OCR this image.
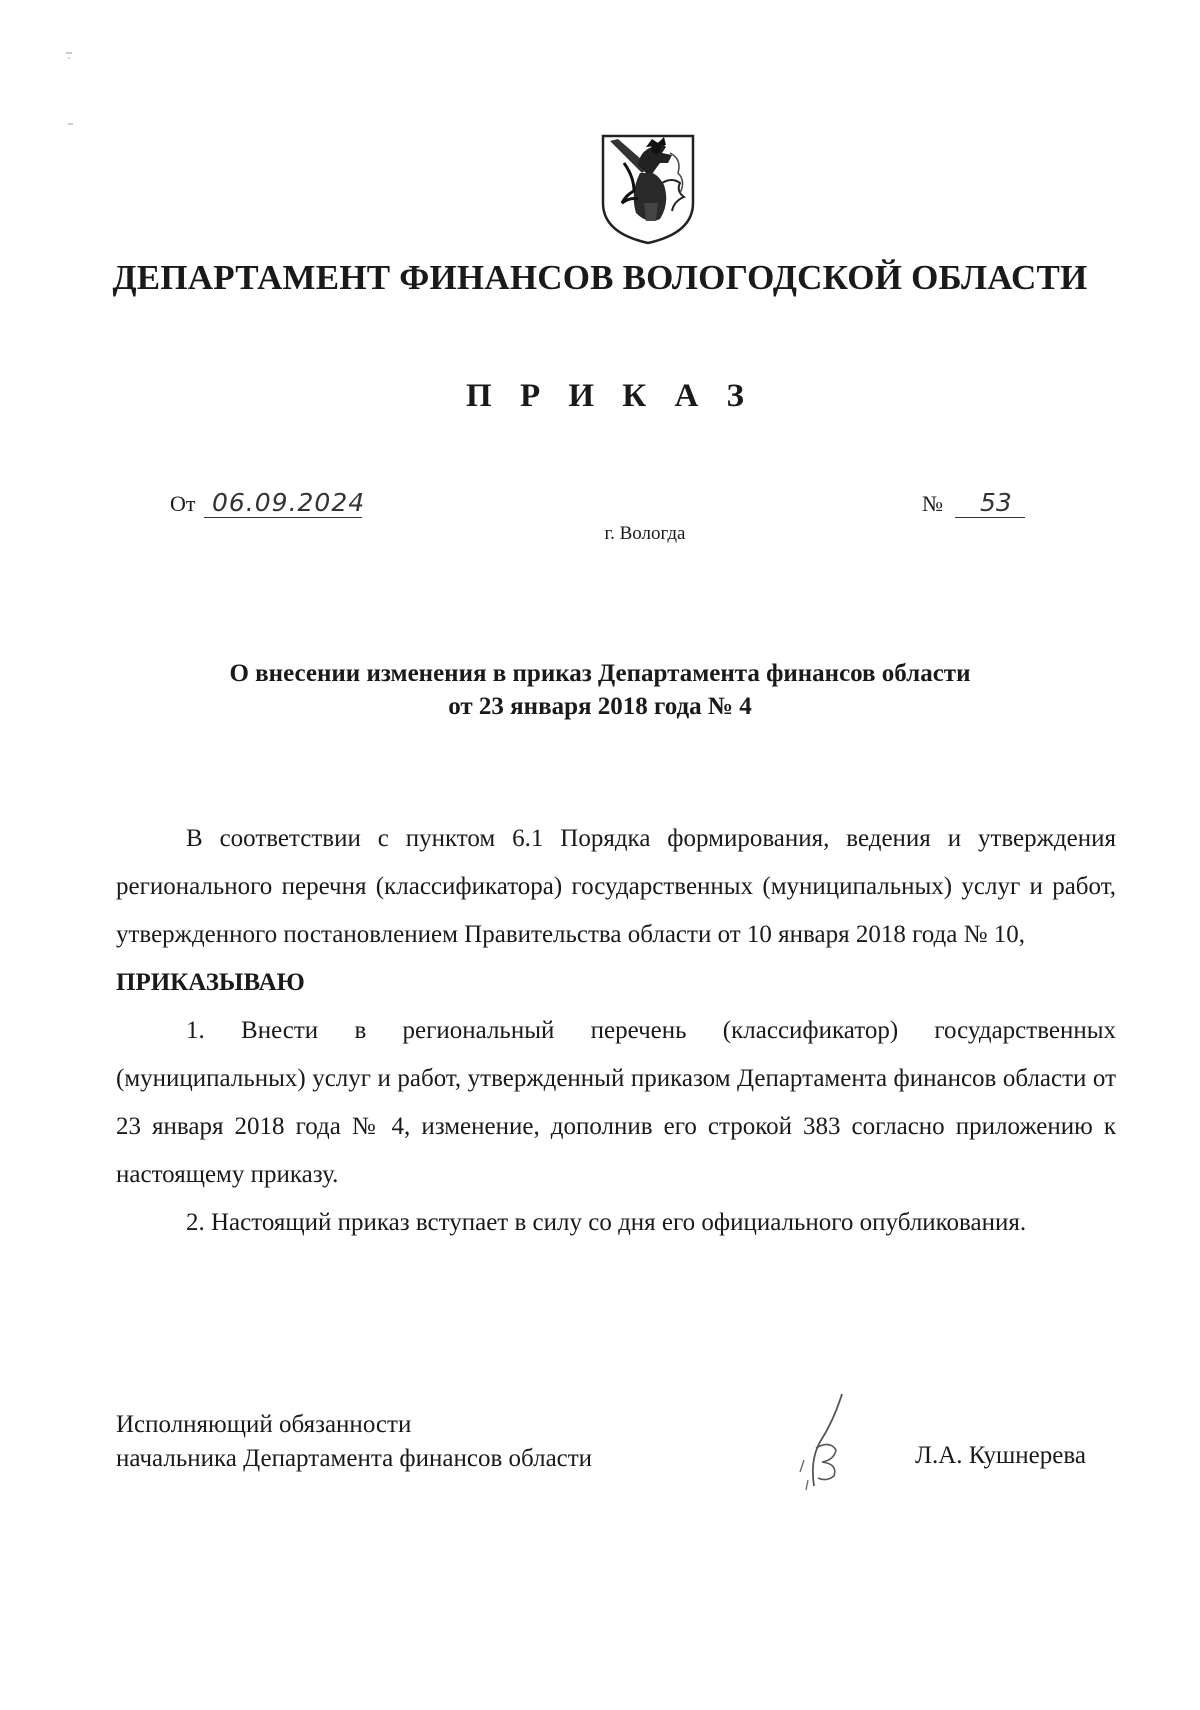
ДЕПАРТАМЕНТ ФИНАНСОВ ВОЛОГОДСКОЙ ОБЛАСТИ
П Р И К А З
От 06.09.2024	№ 53
г. Вологда
О внесении изменения в приказ Департамента финансов области
от 23 января 2018 года № 4

В соответствии с пунктом 6.1 Порядка формирования, ведения и утверждения регионального перечня (классификатора) государственных (муниципальных) услуг и работ, утвержденного постановлением Правительства области от 10 января 2018 года № 10,

ПРИКАЗЫВАЮ

1. Внести в региональный перечень (классификатор) государственных (муниципальных) услуг и работ, утвержденный приказом Департамента финансов области от 23 января 2018 года № 4, изменение, дополнив его строкой 383 согласно приложению к настоящему приказу.

2. Настоящий приказ вступает в силу со дня его официального опубликования.

Исполняющий обязанности
начальника Департамента финансов области	Л.А. Кушнерева
